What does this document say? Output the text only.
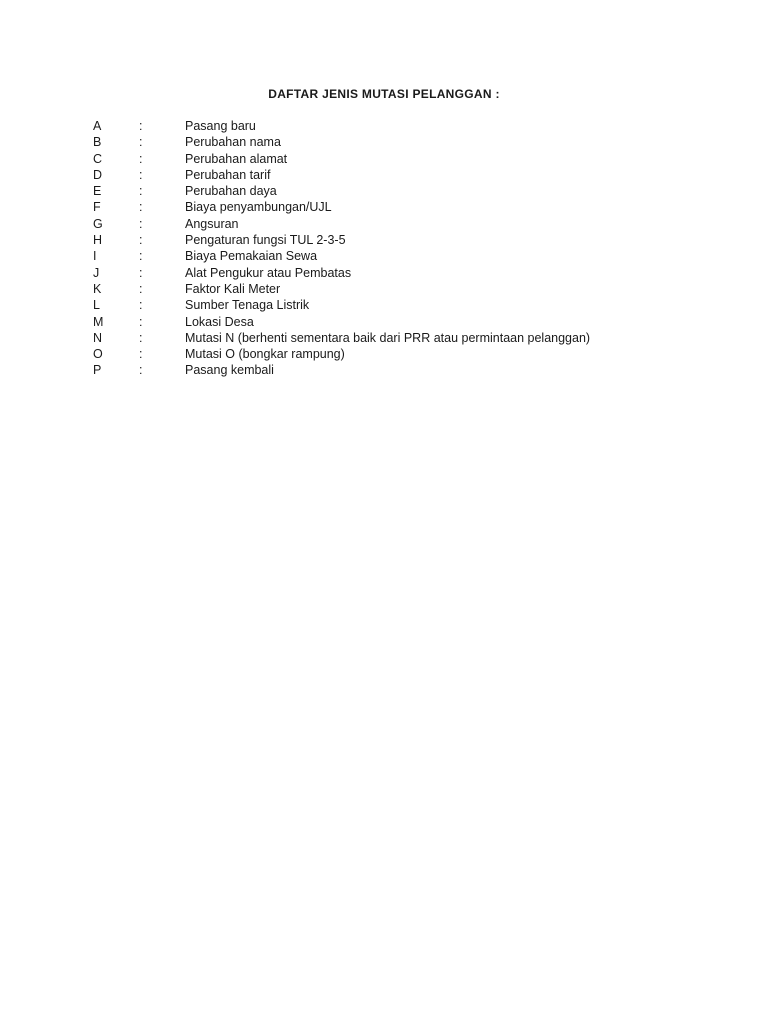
DAFTAR JENIS MUTASI PELANGGAN :
A	:	Pasang baru
B	:	Perubahan nama
C	:	Perubahan alamat
D	:	Perubahan tarif
E	:	Perubahan daya
F	:	Biaya penyambungan/UJL
G	:	Angsuran
H	:	Pengaturan fungsi TUL 2-3-5
I	:	Biaya Pemakaian Sewa
J	:	Alat Pengukur atau Pembatas
K	:	Faktor Kali Meter
L	:	Sumber Tenaga Listrik
M	:	Lokasi Desa
N	:	Mutasi N (berhenti sementara baik dari PRR atau permintaan pelanggan)
O	:	Mutasi O (bongkar rampung)
P	:	Pasang kembali
